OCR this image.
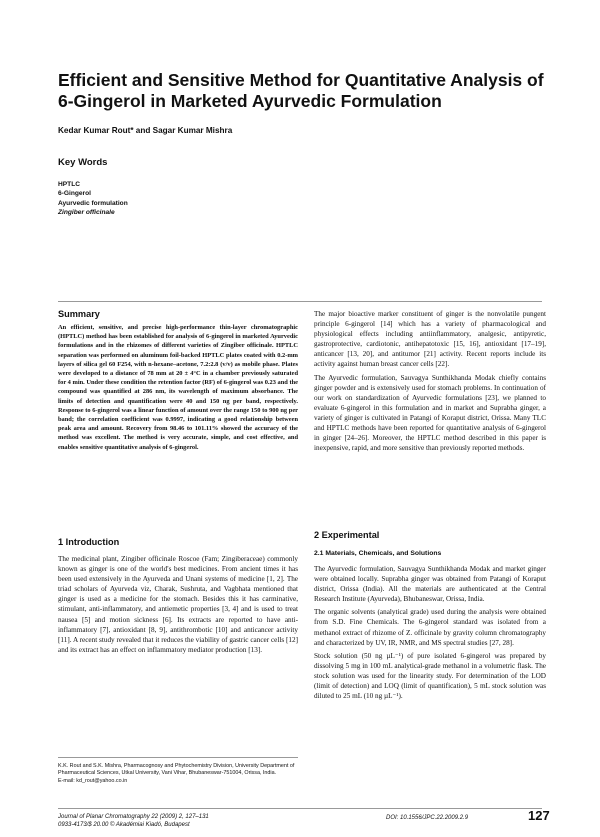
Efficient and Sensitive Method for Quantitative Analysis of 6-Gingerol in Marketed Ayurvedic Formulation
Kedar Kumar Rout* and Sagar Kumar Mishra
Key Words
HPTLC
6-Gingerol
Ayurvedic formulation
Zingiber officinale
Summary
An efficient, sensitive, and precise high-performance thin-layer chromatographic (HPTLC) method has been established for analysis of 6-gingerol in marketed Ayurvedic formulations and in the rhizomes of different varieties of Zingiber officinale. HPTLC separation was performed on aluminum foil-backed HPTLC plates coated with 0.2-mm layers of silica gel 60 F254, with n-hexane–acetone, 7.2:2.8 (v/v) as mobile phase. Plates were developed to a distance of 78 mm at 20 ± 4°C in a chamber previously saturated for 4 min. Under these condition the retention factor (RF) of 6-gingerol was 0.23 and the compound was quantified at 286 nm, its wavelength of maximum absorbance. The limits of detection and quantification were 40 and 150 ng per band, respectively. Response to 6-gingerol was a linear function of amount over the range 150 to 900 ng per band; the correlation coefficient was 0.9997, indicating a good relationship between peak area and amount. Recovery from 98.46 to 101.11% showed the accuracy of the method was excellent. The method is very accurate, simple, and cost effective, and enables sensitive quantitative analysis of 6-gingerol.
1 Introduction

The medicinal plant, Zingiber officinale Roscoe (Fam; Zingiberaceae) commonly known as ginger is one of the world's best medicines. From ancient times it has been used extensively in the Ayurveda and Unani systems of medicine [1, 2]. The triad scholars of Ayurveda viz, Charak, Sushruta, and Vagbhata mentioned that ginger is used as a medicine for the stomach. Besides this it has carminative, stimulant, anti-inflammatory, and antiemetic properties [3, 4] and is used to treat nausea [5] and motion sickness [6]. Its extracts are reported to have anti-inflammatory [7], antioxidant [8, 9], antithrombotic [10] and anticancer activity [11]. A recent study revealed that it reduces the viability of gastric cancer cells [12] and its extract has an effect on inflammatory mediator production [13].

The major bioactive marker constituent of ginger is the nonvolatile pungent principle 6-gingerol [14] which has a variety of pharmacological and physiological effects including antiinflammatory, analgesic, antipyretic, gastroprotective, cardiotonic, antihepatotoxic [15, 16], antioxidant [17–19], anticancer [13, 20], and antitumor [21] activity. Recent reports include its activity against human breast cancer cells [22].

The Ayurvedic formulation, Sauvagya Sunthikhanda Modak chiefly contains ginger powder and is extensively used for stomach problems. In continuation of our work on standardization of Ayurvedic formulations [23], we planned to evaluate 6-gingerol in this formulation and in market and Suprabha ginger, a variety of ginger is cultivated in Patangi of Koraput district, Orissa. Many TLC and HPTLC methods have been reported for quantitative analysis of 6-gingerol in ginger [24–26]. Moreover, the HPTLC method described in this paper is inexpensive, rapid, and more sensitive than previously reported methods.

2 Experimental
2.1 Materials, Chemicals, and Solutions

The Ayurvedic formulation, Sauvagya Sunthikhanda Modak and market ginger were obtained locally. Suprabha ginger was obtained from Patangi of Koraput district, Orissa (India). All the materials are authenticated at the Central Research Institute (Ayurveda), Bhubaneswar, Orissa, India.

The organic solvents (analytical grade) used during the analysis were obtained from S.D. Fine Chemicals. The 6-gingerol standard was isolated from a methanol extract of rhizome of Z. officinale by gravity column chromatography and characterized by UV, IR, NMR, and MS spectral studies [27, 28].

Stock solution (50 ng µL⁻¹) of pure isolated 6-gingerol was prepared by dissolving 5 mg in 100 mL analytical-grade methanol in a volumetric flask. The stock solution was used for the linearity study. For determination of the LOD (limit of detection) and LOQ (limit of quantification), 5 mL stock solution was diluted to 25 mL (10 ng µL⁻¹).

K.K. Rout and S.K. Mishra, Pharmacognosy and Phytochemistry Division, University Department of Pharmaceutical Sciences, Utkal University, Vani Vihar, Bhubaneswar-751004, Orissa, India.
E-mail: kd_rout@yahoo.co.in
Journal of Planar Chromatography 22 (2009) 2, 127–131
0933-4173/$ 20.00 © Akadémiai Kiadó, Budapest
DOI: 10.1556/JPC.22.2009.2.9	127
